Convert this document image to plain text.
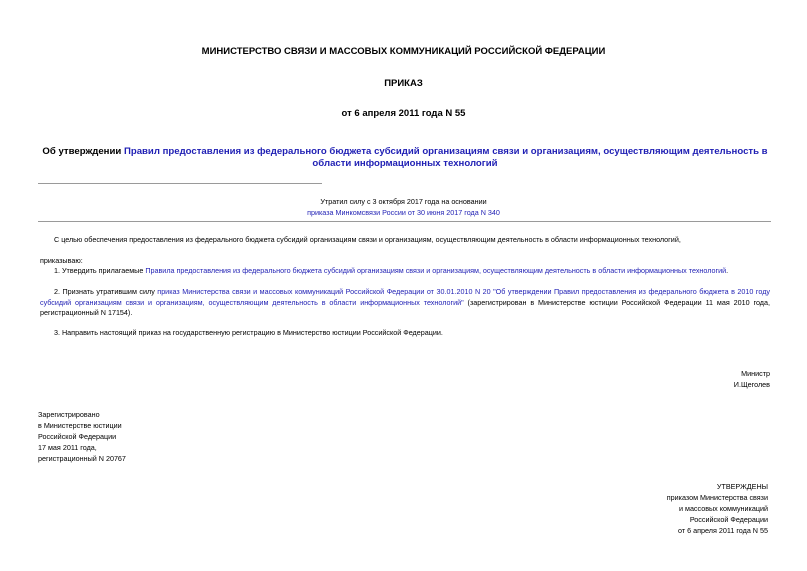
МИНИСТЕРСТВО СВЯЗИ И МАССОВЫХ КОММУНИКАЦИЙ РОССИЙСКОЙ ФЕДЕРАЦИИ
ПРИКАЗ
от 6 апреля 2011 года N 55
Об утверждении Правил предоставления из федерального бюджета субсидий организациям связи и организациям, осуществляющим деятельность в области информационных технологий
Утратил силу с 3 октября 2017 года на основании
приказа Минкомсвязи России от 30 июня 2017 года N 340
С целью обеспечения предоставления из федерального бюджета субсидий организациям связи и организациям, осуществляющим деятельность в области информационных технологий,
приказываю:
1. Утвердить прилагаемые Правила предоставления из федерального бюджета субсидий организациям связи и организациям, осуществляющим деятельность в области информационных технологий.
2. Признать утратившим силу приказ Министерства связи и массовых коммуникаций Российской Федерации от 30.01.2010 N 20 "Об утверждении Правил предоставления из федерального бюджета в 2010 году субсидий организациям связи и организациям, осуществляющим деятельность в области информационных технологий" (зарегистрирован в Министерстве юстиции Российской Федерации 11 мая 2010 года, регистрационный N 17154).
3. Направить настоящий приказ на государственную регистрацию в Министерство юстиции Российской Федерации.
Министр
И.Щеголев
Зарегистрировано
в Министерстве юстиции
Российской Федерации
17 мая 2011 года,
регистрационный N 20767
УТВЕРЖДЕНЫ
приказом Министерства связи
и массовых коммуникаций
Российской Федерации
от 6 апреля 2011 года N 55
